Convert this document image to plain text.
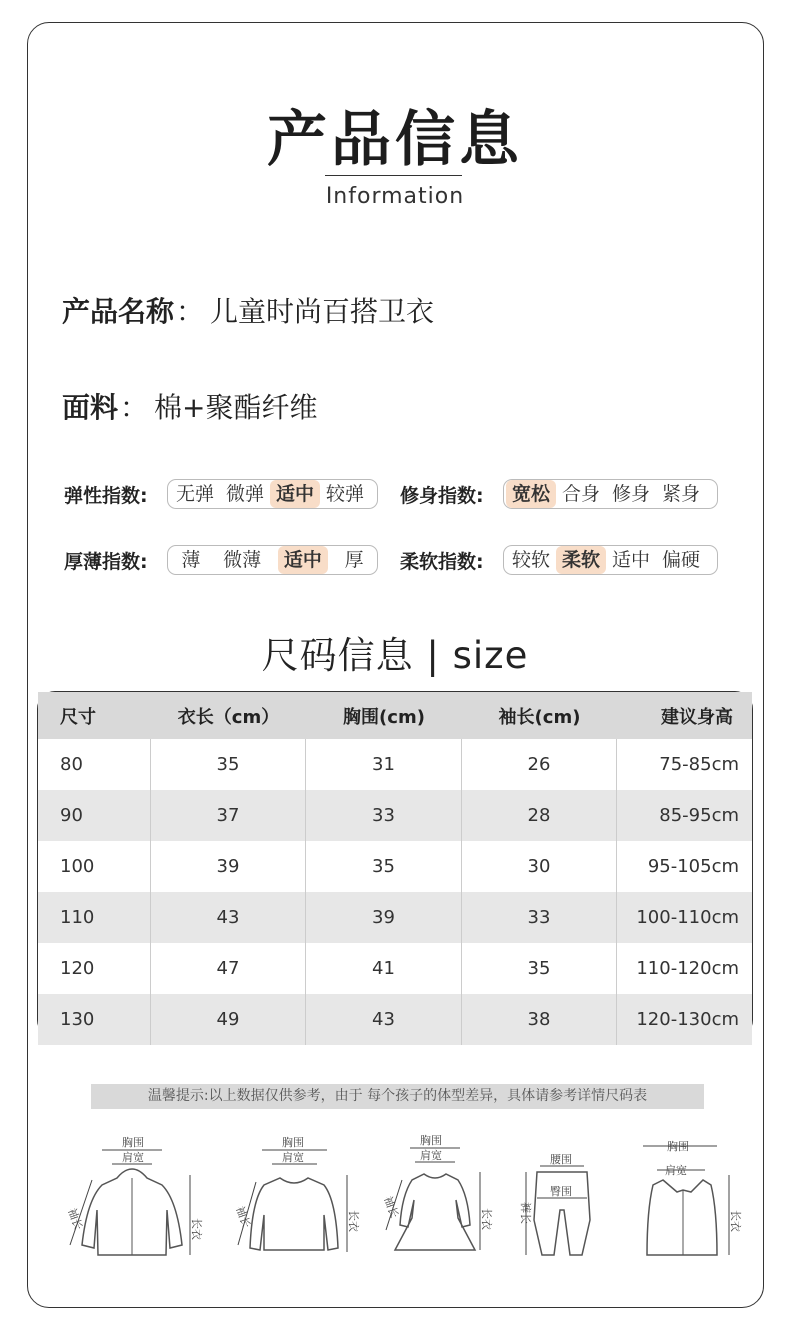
产品信息
Information
产品名称： 儿童时尚百搭卫衣
面料： 棉+聚酯纤维
弹性指数:	无弹 微弹 适中 较弹	修身指数:	宽松 合身 修身 紧身
厚薄指数:	薄	微薄	适中	厚	柔软指数:	较软 柔软 适中 偏硬
尺码信息 | size
尺寸	衣长（cm）	胸围(cm)	袖长(cm)	建议身高
80	35	31	26	75-85cm
90	37	33	28	85-95cm
100	39	35	30	95-105cm
110	43	39	33	100-110cm
120	47	41	35	110-120cm
130	49	43	38	120-130cm
温馨提示:以上数据仅供参考，由于 每个孩子的体型差异，具体请参考详情尺码表
胸围
肩宽
长衣
袖长
胸围
肩宽
长衣
袖长
胸围
肩宽
长衣
袖长
腰围
臀围
裤长
胸围
肩宽
长衣
